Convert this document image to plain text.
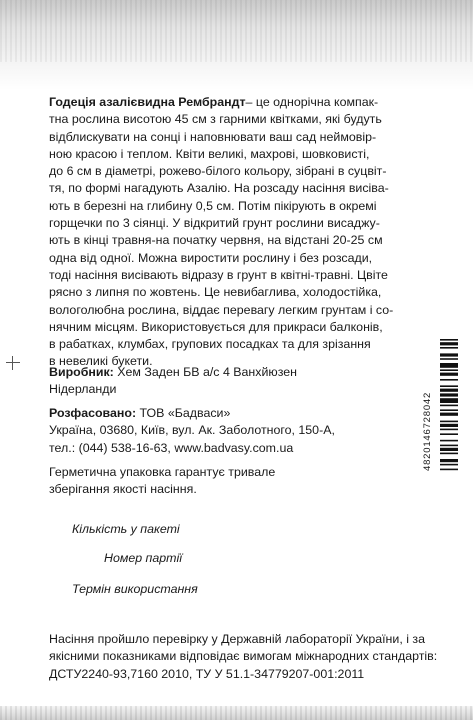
Годеція азалієвидна Рембрандт– це однорічна компак-
тна рослина висотою 45 см з гарними квітками, які будуть
відблискувати на сонці і наповнювати ваш сад неймовір-
ною красою і теплом. Квіти великі, махрові, шовковисті,
до 6 см в діаметрі, рожево-білого кольору, зібрані в суцвіт-
тя, по формі нагадують Азалію. На розсаду насіння висіва-
ють в березні на глибину 0,5 см. Потім пікірують в окремі
горщечки по 3 сіянці. У відкритий грунт рослини висаджу-
ють в кінці травня-на початку червня, на відстані 20-25 см
одна від одної. Можна виростити рослину і без розсади,
тоді насіння висівають відразу в грунт в квітні-травні. Цвіте
рясно з липня по жовтень. Це невибаглива, холодостійка,
вологолюбна рослина, віддає перевагу легким грунтам і со-
нячним місцям. Використовується для прикраси балконів,
в рабатках, клумбах, групових посадках та для зрізання
в невеликі букети.
Виробник: Хем Заден БВ а/с 4 Ванхйюзен
Нідерланди
Розфасовано: ТОВ «Бадваси»
Україна, 03680, Київ, вул. Ак. Заболотного, 150-А,
тел.: (044) 538-16-63, www.badvasy.com.ua
Герметична упаковка гарантує тривале
зберігання якості насіння.
4820146728042
Кількість у пакеті
Номер партії
Термін використання
Насіння пройшло перевірку у Державній лабораторії України, і за
якісними показниками відповідає вимогам міжнародних стандартів:
ДСТУ2240-93,7160 2010, ТУ У 51.1-34779207-001:2011
